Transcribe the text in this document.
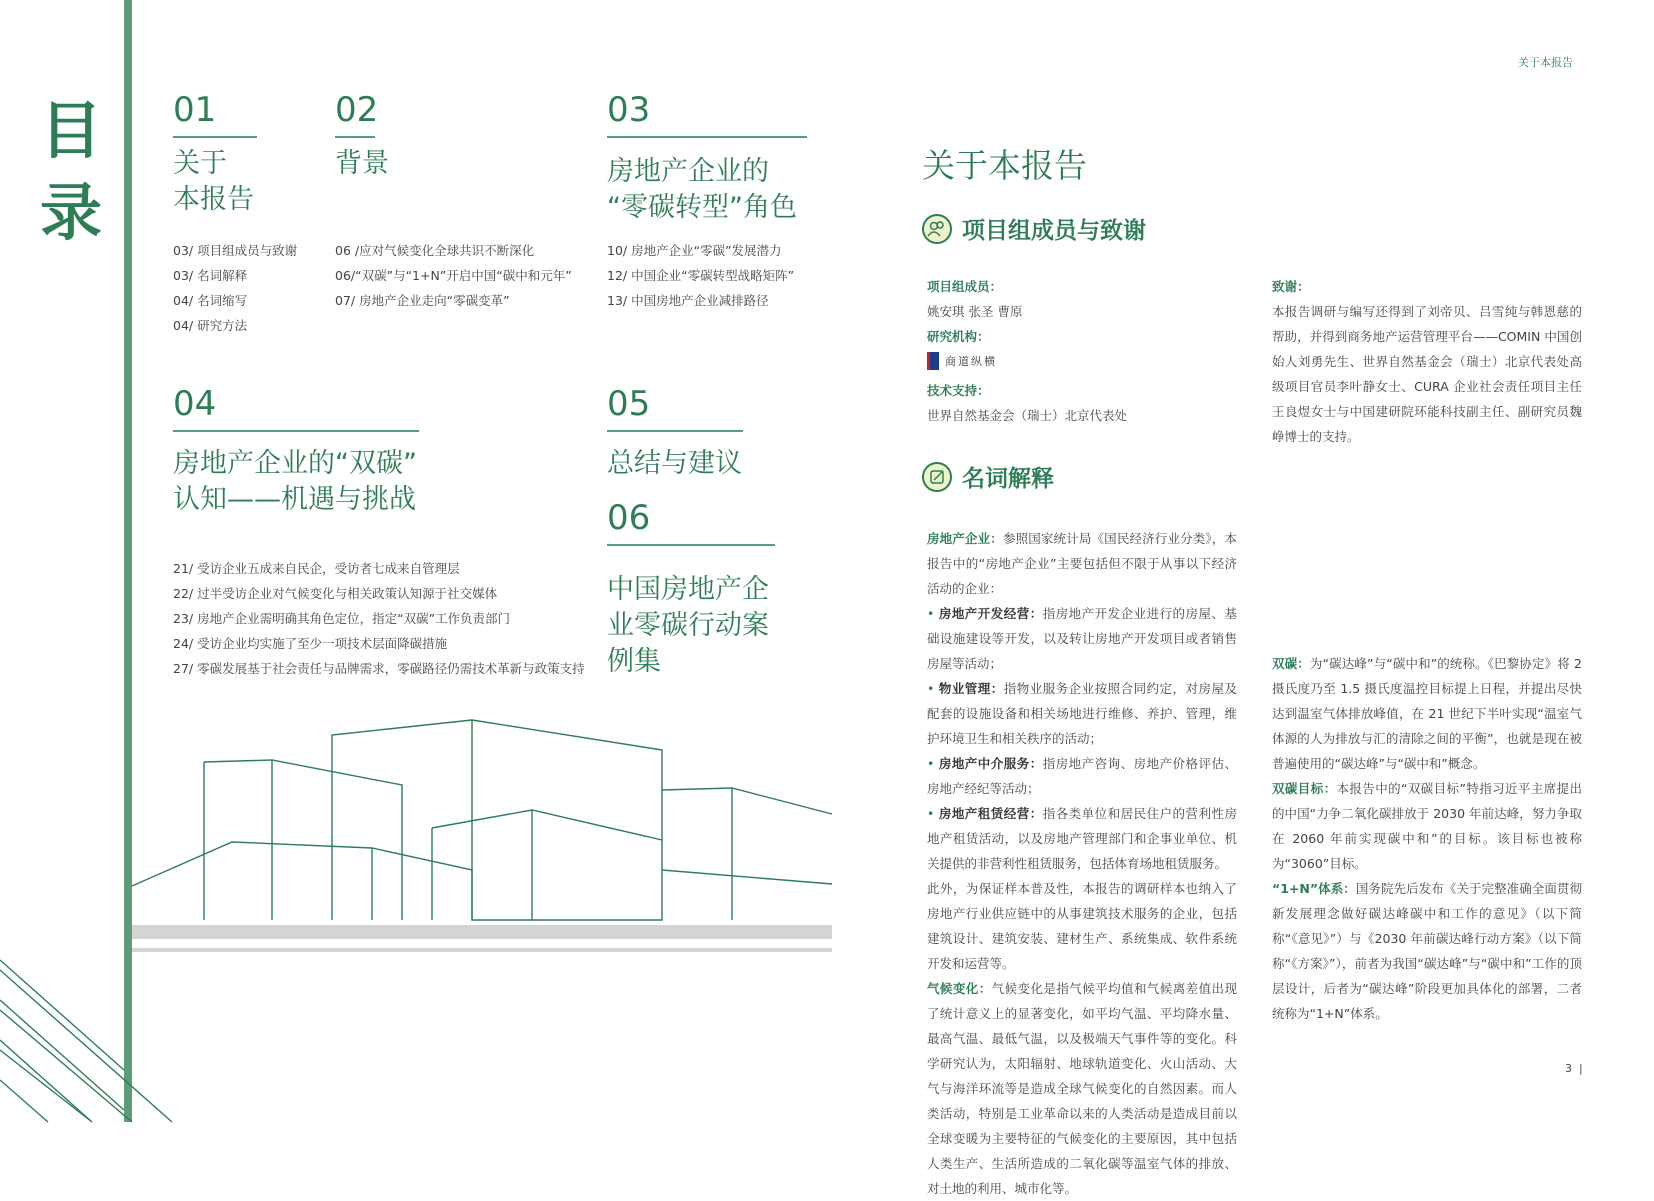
目录
01
关于
本报告
03/ 项目组成员与致谢
03/ 名词解释
04/ 名词缩写
04/ 研究方法
02
背景
06 /应对气候变化全球共识不断深化
06/“双碳”与“1+N”开启中国“碳中和元年”
07/ 房地产企业走向“零碳变革”
03
房地产企业的
“零碳转型”角色
10/ 房地产企业“零碳”发展潜力
12/ 中国企业“零碳转型战略矩阵”
13/ 中国房地产企业减排路径
04
房地产企业的“双碳”
认知——机遇与挑战
21/ 受访企业五成来自民企，受访者七成来自管理层
22/ 过半受访企业对气候变化与相关政策认知源于社交媒体
23/ 房地产企业需明确其角色定位，指定“双碳”工作负责部门
24/ 受访企业均实施了至少一项技术层面降碳措施
27/ 零碳发展基于社会责任与品牌需求，零碳路径仍需技术革新与政策支持
05
总结与建议
06
中国房地产企
业零碳行动案
例集
关于本报告
关于本报告
项目组成员与致谢
项目组成员：
姚安琪 张圣 曹原
研究机构：
商道纵横
技术支持：
世界自然基金会（瑞士）北京代表处
致谢：
本报告调研与编写还得到了刘帝贝、吕雪纯与韩恩慈的帮助，并得到商务地产运营管理平台——COMIN 中国创始人刘勇先生、世界自然基金会（瑞士）北京代表处高级项目官员李叶静女士、CURA 企业社会责任项目主任王良煜女士与中国建研院环能科技副主任、副研究员魏峥博士的支持。
名词解释
房地产企业：参照国家统计局《国民经济行业分类》，本报告中的“房地产企业”主要包括但不限于从事以下经济活动的企业：
• 房地产开发经营：指房地产开发企业进行的房屋、基础设施建设等开发，以及转让房地产开发项目或者销售房屋等活动；
• 物业管理：指物业服务企业按照合同约定，对房屋及配套的设施设备和相关场地进行维修、养护、管理，维护环境卫生和相关秩序的活动；
• 房地产中介服务：指房地产咨询、房地产价格评估、房地产经纪等活动；
• 房地产租赁经营：指各类单位和居民住户的营利性房地产租赁活动，以及房地产管理部门和企事业单位、机关提供的非营利性租赁服务，包括体育场地租赁服务。
此外，为保证样本普及性，本报告的调研样本也纳入了房地产行业供应链中的从事建筑技术服务的企业，包括建筑设计、建筑安装、建材生产、系统集成、软件系统开发和运营等。
气候变化：气候变化是指气候平均值和气候离差值出现了统计意义上的显著变化，如平均气温、平均降水量、最高气温、最低气温，以及极端天气事件等的变化。科学研究认为，太阳辐射、地球轨道变化、火山活动、大气与海洋环流等是造成全球气候变化的自然因素。而人类活动，特别是工业革命以来的人类活动是造成目前以全球变暖为主要特征的气候变化的主要原因，其中包括人类生产、生活所造成的二氧化碳等温室气体的排放、对土地的利用、城市化等。
双碳：为“碳达峰”与“碳中和”的统称。《巴黎协定》将 2 摄氏度乃至 1.5 摄氏度温控目标提上日程，并提出尽快达到温室气体排放峰值，在 21 世纪下半叶实现“温室气体源的人为排放与汇的清除之间的平衡”，也就是现在被普遍使用的“碳达峰”与“碳中和”概念。
双碳目标：本报告中的“双碳目标”特指习近平主席提出的中国“力争二氧化碳排放于 2030 年前达峰，努力争取在 2060 年前实现碳中和”的目标。该目标也被称为“3060”目标。
“1+N”体系：国务院先后发布《关于完整准确全面贯彻新发展理念做好碳达峰碳中和工作的意见》（以下简称“《意见》”）与《2030 年前碳达峰行动方案》（以下简称“《方案》”），前者为我国“碳达峰”与“碳中和”工作的顶层设计，后者为“碳达峰”阶段更加具体化的部署，二者统称为“1+N”体系。
3  |
